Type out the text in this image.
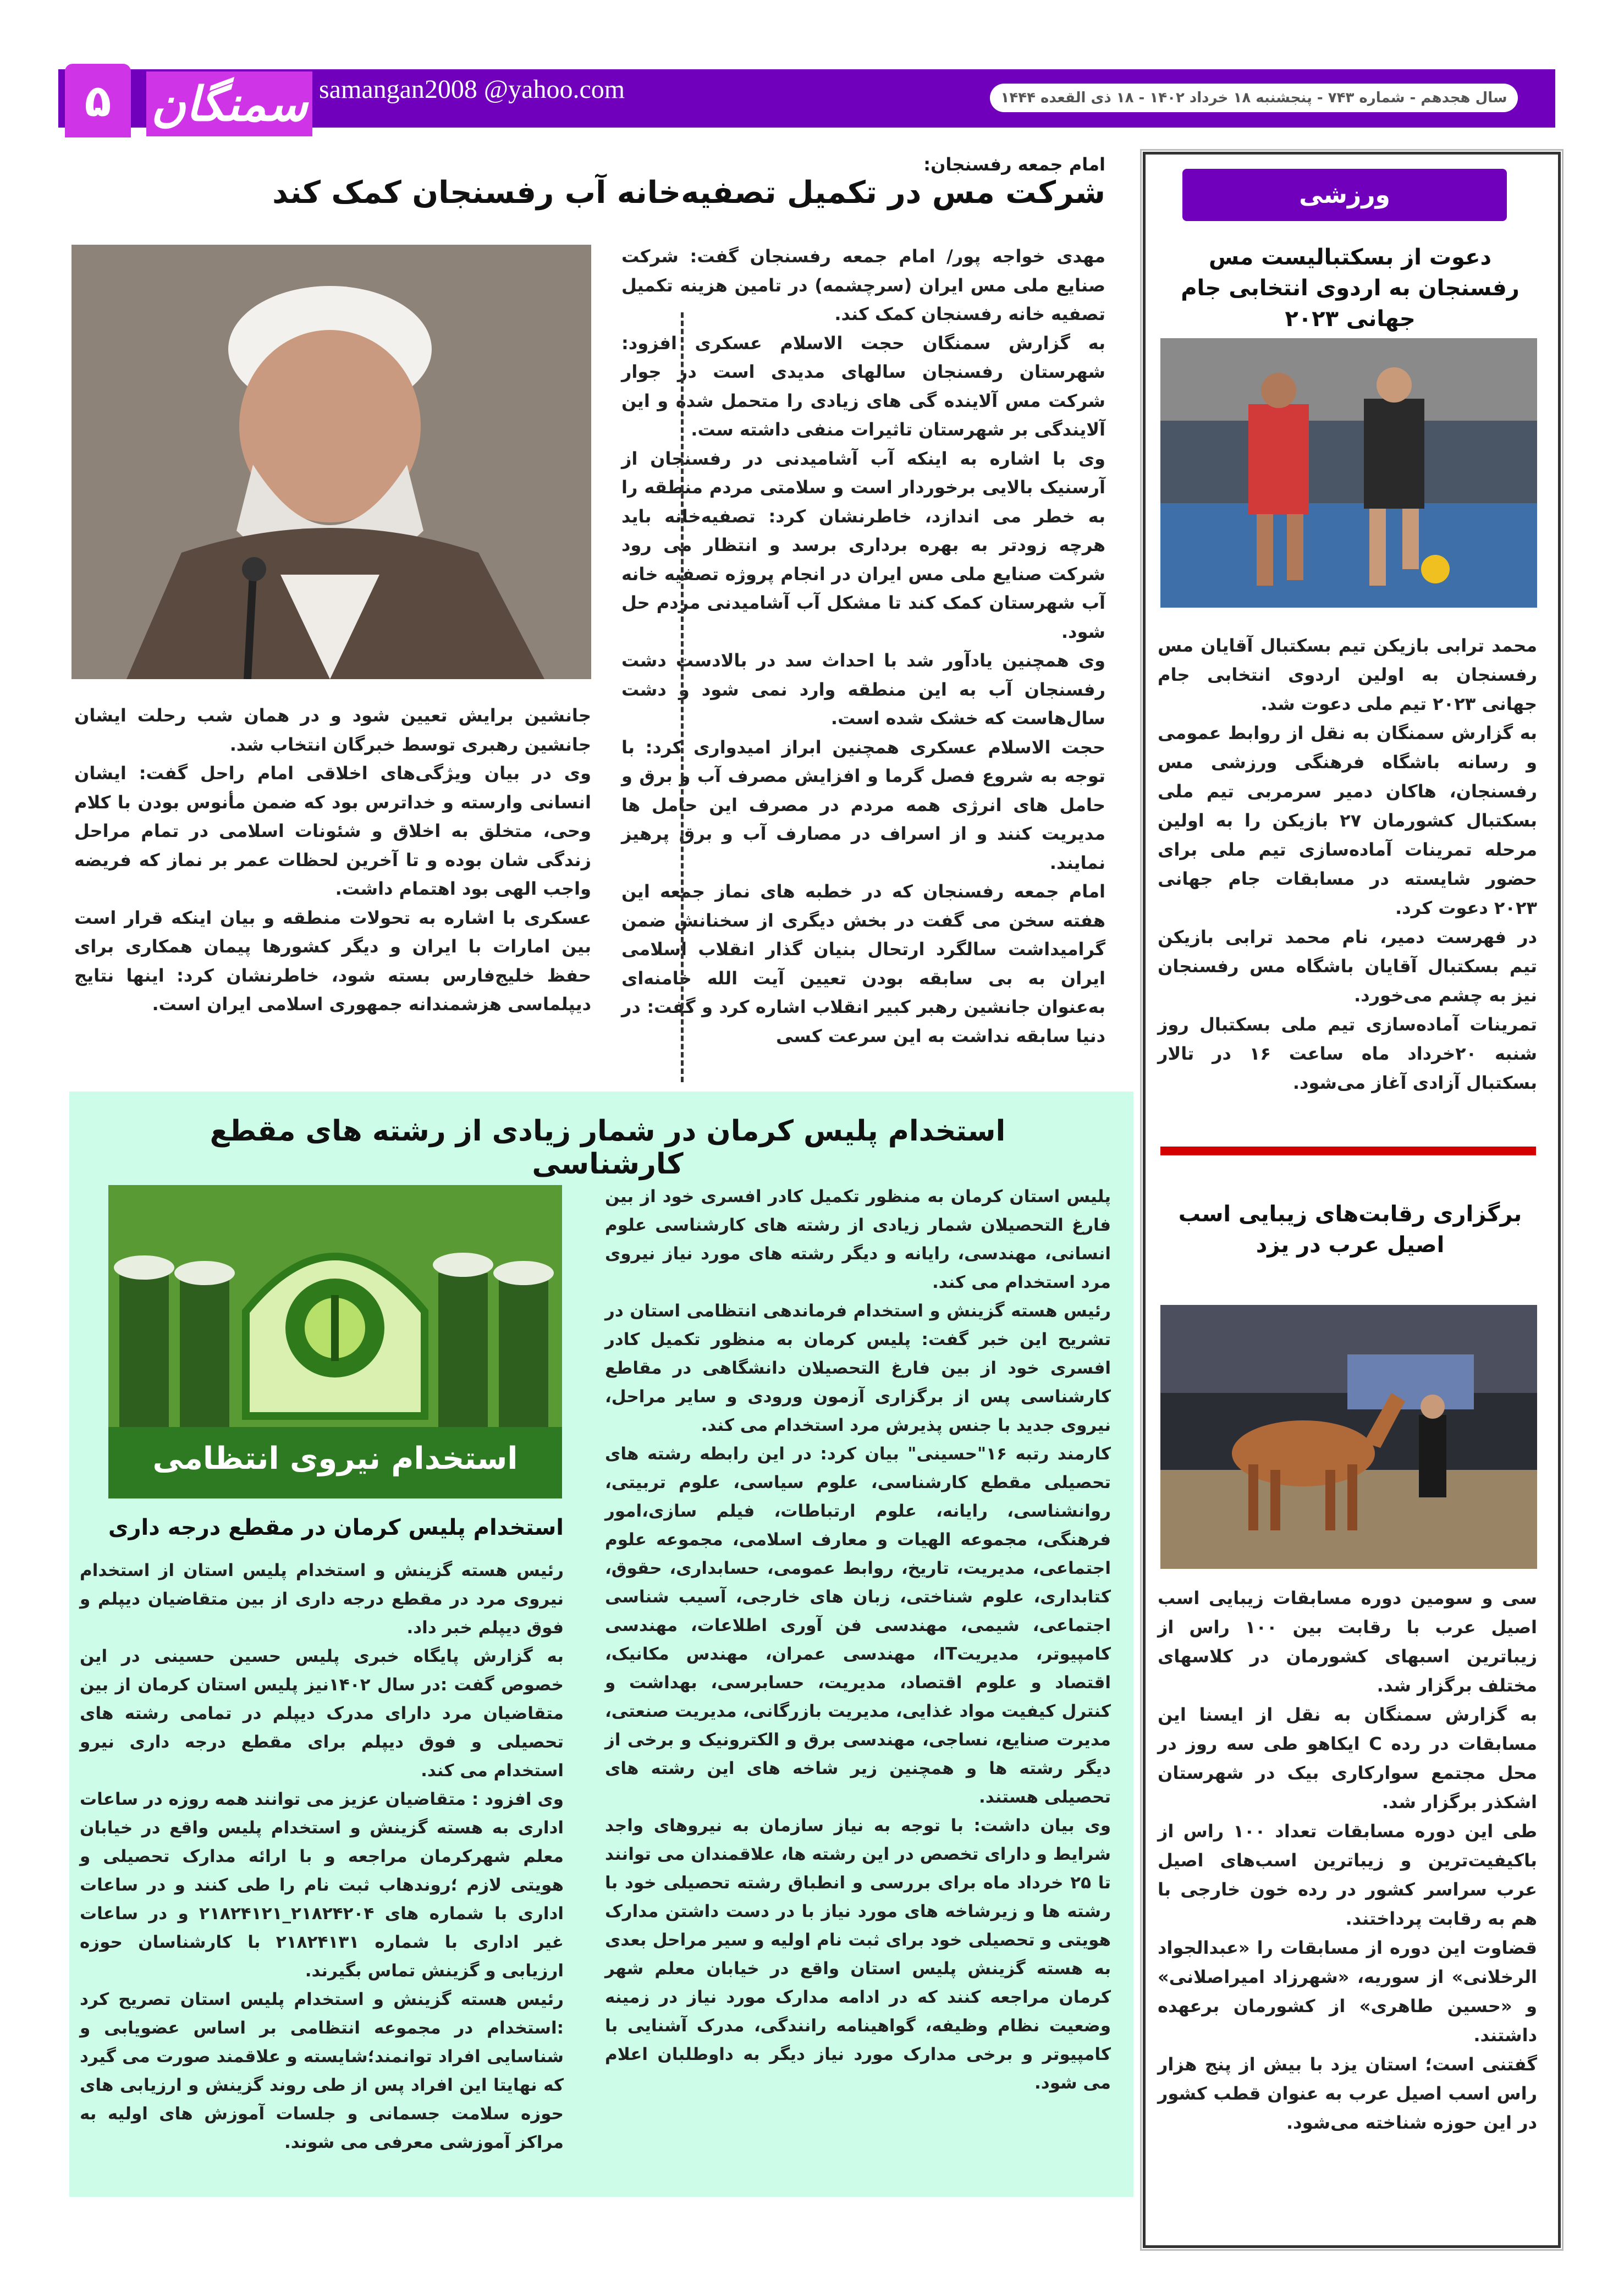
۵ سمنگان samangan2008 @yahoo.com	سال هجدهم - شماره ۷۴۳ - پنجشنبه ۱۸ خرداد ۱۴۰۲ - ۱۸ ذی القعده ۱۴۴۴
امام جمعه رفسنجان:
شرکت مس در تکمیل تصفیه‌خانه آب رفسنجان کمک کند

مهدی خواجه پور/ امام جمعه رفسنجان گفت: شرکت صنایع ملی مس ایران (سرچشمه) در تامین هزینه تکمیل تصفیه خانه رفسنجان کمک کند.

به گزارش سمنگان حجت الاسلام عسکری افزود: شهرستان رفسنجان سالهای مدیدی است در جوار شرکت مس آلاینده گی های زیادی را متحمل شده و این آلایندگی بر شهرستان تاثیرات منفی داشته ست.

وی با اشاره به اینکه آب آشامیدنی در رفسنجان از آرسنیک بالایی برخوردار است و سلامتی مردم منطقه را به خطر می اندازد، خاطرنشان کرد: تصفیه‌خانه باید هرچه زودتر به بهره برداری برسد و انتظار می رود شرکت صنایع ملی مس ایران در انجام پروژه تصفیه خانه آب شهرستان کمک کند تا مشکل آب آشامیدنی مردم حل شود.

وی همچنین یادآور شد با احداث سد در بالادست دشت رفسنجان آب به این منطقه وارد نمی شود و دشت سال‌هاست که خشک شده است.

حجت الاسلام عسکری همچنین ابراز امیدواری کرد: با توجه به شروع فصل گرما و افزایش مصرف آب و برق و حامل های انرژی همه مردم در مصرف این حامل ها مدیریت کنند و از اسراف در مصارف آب و برق پرهیز نمایند.

امام جمعه رفسنجان که در خطبه های نماز جمعه این هفته سخن می گفت در بخش دیگری از سخنانش ضمن گرامیداشت سالگرد ارتحال بنیان گذار انقلاب اسلامی ایران به بی سابقه بودن تعیین آیت الله خامنه‌ای به‌عنوان جانشین رهبر کبیر انقلاب اشاره کرد و گفت: در دنیا سابقه نداشت به این سرعت کسی

جانشین برایش تعیین شود و در همان شب رحلت ایشان جانشین رهبری توسط خبرگان انتخاب شد.

وی در بیان ویژگی‌های اخلاقی امام راحل گفت: ایشان انسانی وارسته و خداترس بود که ضمن مأنوس بودن با کلام وحی، متخلق به اخلاق و شئونات اسلامی در تمام مراحل زندگی شان بوده و تا آخرین لحظات عمر بر نماز که فریضه واجب الهی بود اهتمام داشت.

عسکری با اشاره به تحولات منطقه و بیان اینکه قرار است بین امارات با ایران و دیگر کشورها پیمان همکاری برای حفظ خلیج‌فارس بسته شود، خاطرنشان کرد: اینها نتایج دیپلماسی هزشمندانه جمهوری اسلامی ایران است.

استخدام پلیس کرمان در شمار زیادی از رشته های مقطع کارشناسی
استخدام نیروی انتظامی

پلیس استان کرمان به منظور تکمیل کادر افسری خود از بین فارغ التحصیلان شمار زیادی از رشته های کارشناسی علوم انسانی، مهندسی، رایانه و دیگر رشته های مورد نیاز نیروی مرد استخدام می کند.

رئیس هسته گزینش و استخدام فرماندهی انتظامی استان در تشریح این خبر گفت: پلیس کرمان به منظور تکمیل کادر افسری خود از بین فارغ التحصیلان دانشگاهی در مقاطع کارشناسی پس از برگزاری آزمون ورودی و سایر مراحل، نیروی جدید با جنس پذیرش مرد استخدام می کند.

کارمند رتبه ۱۶"حسینی" بیان کرد: در این رابطه رشته های تحصیلی مقطع کارشناسی، علوم سیاسی، علوم تربیتی، روانشناسی، رایانه، علوم ارتباطات، فیلم سازی،امور فرهنگی، مجموعه الهیات و معارف اسلامی، مجموعه علوم اجتماعی، مدیریت، تاریخ، روابط عمومی، حسابداری، حقوق، کتابداری، علوم شناختی، زبان های خارجی، آسیب شناسی اجتماعی، شیمی، مهندسی فن آوری اطلاعات، مهندسی کامپیوتر، مدیریتIT، مهندسی عمران، مهندس مکانیک، اقتصاد و علوم اقتصاد، مدیریت، حسابرسی، بهداشت و کنترل کیفیت مواد غذایی، مدیریت بازرگانی، مدیریت صنعتی، مدیرت صنایع، نساجی، مهندسی برق و الکترونیک و برخی از دیگر رشته ها و همچنین زیر شاخه های این رشته های تحصیلی هستند.

وی بیان داشت: با توجه به نیاز سازمان به نیروهای واجد شرایط و دارای تخصص در این رشته ها، علاقمندان می توانند تا ۲۵ خرداد ماه برای بررسی و انطباق رشته تحصیلی خود با رشته ها و زیرشاخه های مورد نیاز با در دست داشتن مدارک هویتی و تحصیلی خود برای ثبت نام اولیه و سیر مراحل بعدی به هسته گزینش پلیس استان واقع در خیابان معلم شهر کرمان مراجعه کنند که در ادامه مدارک مورد نیاز در زمینه وضعیت نظام وظیفه، گواهینامه رانندگی، مدرک آشنایی با کامپیوتر و برخی مدارک مورد نیاز دیگر به داوطلبان اعلام می شود.

استخدام پلیس کرمان در مقطع درجه داری

رئیس هسته گزینش و استخدام پلیس استان از استخدام نیروی مرد در مقطع درجه داری از بین متقاضیان دیپلم و فوق دیپلم خبر داد.

به گزارش پایگاه خبری پلیس حسین حسینی در این خصوص گفت :در سال ۱۴۰۲نیز پلیس استان کرمان از بین متقاضیان مرد دارای مدرک دیپلم در تمامی رشته های تحصیلی و فوق دیپلم برای مقطع درجه داری نیرو استخدام می کند.

وی افزود : متقاضیان عزیز می توانند همه روزه در ساعات اداری به هسته گزینش و استخدام پلیس واقع در خیابان معلم شهرکرمان مراجعه و با ارائه مدارک تحصیلی و هویتی لازم ؛روندهاب ثبت نام را طی کنند و در ساعات اداری با شماره های ۲۱۸۲۴۲۰۴_۲۱۸۲۴۱۲۱ و در ساعات غیر اداری با شماره ۲۱۸۲۴۱۳۱ با کارشناسان حوزه ارزیابی و گزینش تماس بگیرند.

رئیس هسته گزینش و استخدام پلیس استان تصریح کرد :استخدام در مجموعه انتظامی بر اساس عضویابی و شناسایی افراد توانمند؛شایسته و علاقمند صورت می گیرد که نهایتا این افراد پس از طی روند گزینش و ارزیابی های حوزه سلامت جسمانی و جلسات آموزش های اولیه به مراکز آموزشی معرفی می شوند.

ورزشی
دعوت از بسکتبالیست مس رفسنجان به اردوی انتخابی جام جهانی ۲۰۲۳

محمد ترابی بازیکن تیم بسکتبال آقایان مس رفسنجان به اولین اردوی انتخابی جام جهانی ۲۰۲۳ تیم ملی دعوت شد.

به گزارش سمنگان به نقل از روابط عمومی و رسانه باشگاه فرهنگی ورزشی مس رفسنجان، هاکان دمیر سرمربی تیم ملی بسکتبال کشورمان ۲۷ بازیکن را به اولین مرحله تمرینات آماده‌سازی تیم ملی برای حضور شایسته در مسابقات جام جهانی ۲۰۲۳ دعوت کرد.

در فهرست دمیر، نام محمد ترابی بازیکن تیم بسکتبال آقایان باشگاه مس رفسنجان نیز به چشم می‌خورد.

تمرینات آماده‌سازی تیم ملی بسکتبال روز شنبه ۲۰خرداد ماه ساعت ۱۶ در تالار بسکتبال آزادی آغاز می‌شود.

برگزاری رقابت‌های زیبایی اسب اصیل عرب در یزد

سی و سومین دوره مسابقات زیبایی اسب اصیل عرب با رقابت بین ۱۰۰ راس از زیباترین اسبهای کشورمان در کلاسهای مختلف برگزار شد.

به گزارش سمنگان به نقل از ایسنا این مسابقات در رده C ایکاهو طی سه روز در محل مجتمع سوارکاری بیک در شهرستان اشکذر برگزار شد.

طی این دوره مسابقات تعداد ۱۰۰ راس از باکیفیت‌ترین و زیباترین اسب‌های اصیل عرب سراسر کشور در رده خون خارجی با هم به رقابت پرداختند.

قضاوت این دوره از مسابقات را «عبدالجواد الرخلانی» از سوریه، «شهرزاد امیراصلانی» و «حسین طاهری» از کشورمان برعهده داشتند.

گفتنی است؛ استان یزد با بیش از پنج هزار راس اسب اصیل عرب به عنوان قطب کشور در این حوزه شناخته می‌شود.
